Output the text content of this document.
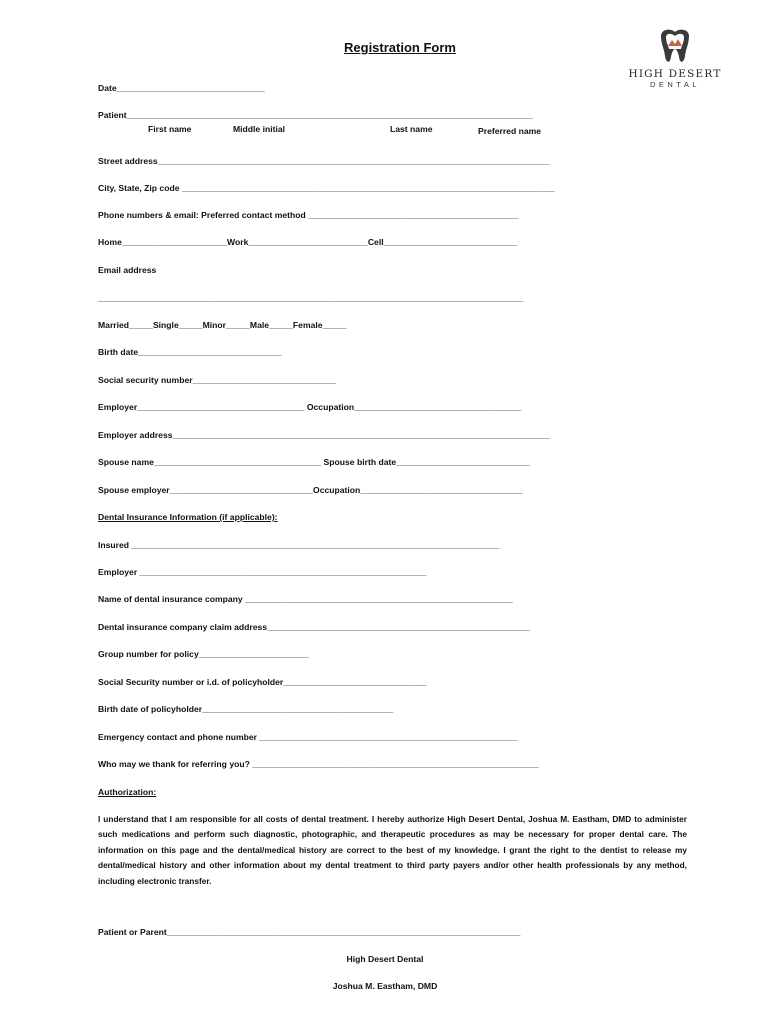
Registration Form
HIGH DESERT
DENTAL
Date_______________________________
Patient_____________________________________________________________________________________
First name	Middle initial	Last name	Preferred name
Street address__________________________________________________________________________________
City, State, Zip code ______________________________________________________________________________
Phone numbers & email: Preferred contact method ____________________________________________
Home______________________Work_________________________Cell____________________________
Email address
_________________________________________________________________________________________
Married_____Single_____Minor_____Male_____Female_____
Birth date______________________________
Social security number______________________________
Employer___________________________________ Occupation___________________________________
Employer address_______________________________________________________________________________
Spouse name___________________________________ Spouse birth date____________________________
Spouse employer______________________________Occupation__________________________________
Dental Insurance Information (if applicable):
Insured _____________________________________________________________________________
Employer ____________________________________________________________
Name of dental insurance company ________________________________________________________
Dental insurance company claim address_______________________________________________________
Group number for policy_______________________
Social Security number or i.d. of policyholder______________________________
Birth date of policyholder________________________________________
Emergency contact and phone number ______________________________________________________
Who may we thank for referring you? ____________________________________________________________
Authorization:
I understand that I am responsible for all costs of dental treatment. I hereby authorize High Desert Dental, Joshua M. Eastham, DMD to administer such medications and perform such diagnostic, photographic, and therapeutic procedures as may be necessary for proper dental care. The information on this page and the dental/medical history are correct to the best of my knowledge. I grant the right to the dentist to release my dental/medical history and other information about my dental treatment to third party payers and/or other health professionals by any method, including electronic transfer.
Patient or Parent__________________________________________________________________________
High Desert Dental
Joshua M. Eastham, DMD
